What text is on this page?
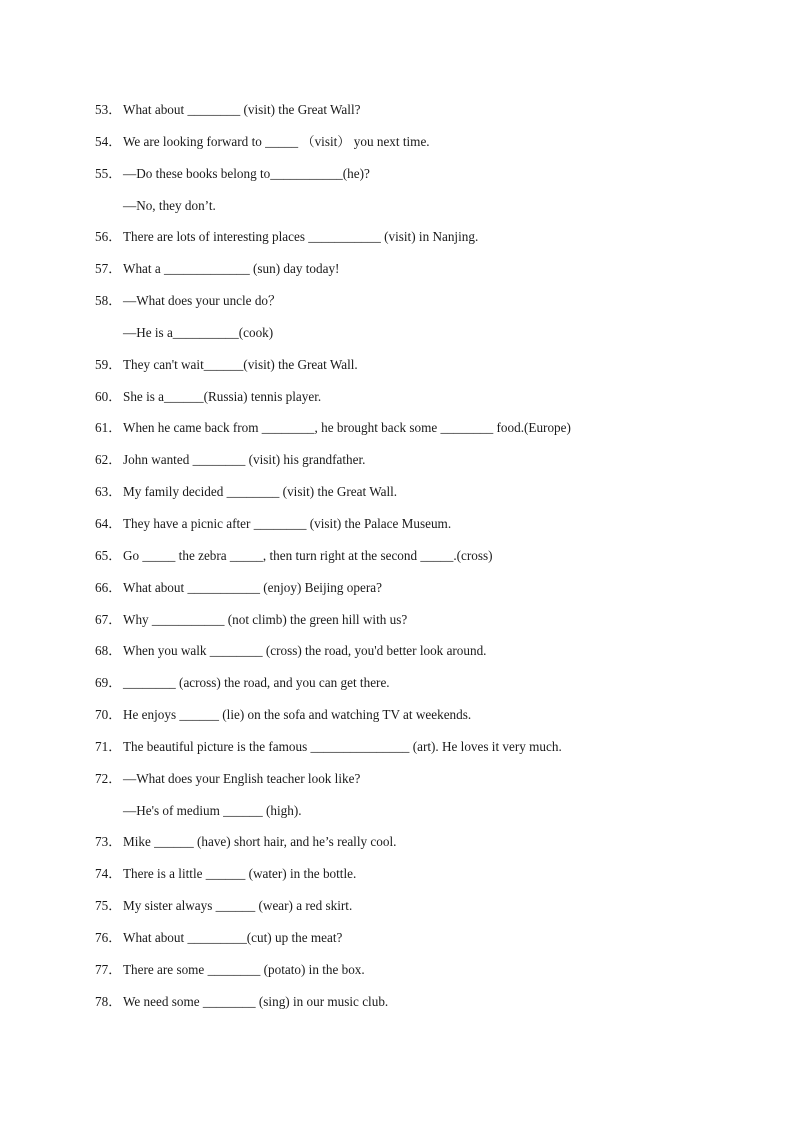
53． What about ________ (visit) the Great Wall?
54． We are looking forward to _____ （visit） you next time.
55． —Do these books belong to___________(he)?
—No, they don’t.
56． There are lots of interesting places ___________ (visit) in Nanjing.
57． What a _____________ (sun) day today!
58． —What does your uncle do？
—He is a__________(cook)
59． They can't wait______(visit) the Great Wall.
60． She is a______(Russia) tennis player.
61． When he came back from ________, he brought back some ________ food.(Europe)
62． John wanted ________ (visit) his grandfather.
63． My family decided ________ (visit) the Great Wall.
64． They have a picnic after ________ (visit) the Palace Museum.
65． Go _____ the zebra _____, then turn right at the second _____.(cross)
66． What about ___________ (enjoy) Beijing opera?
67． Why ___________ (not climb) the green hill with us?
68． When you walk ________ (cross) the road, you'd better look around.
69． ________ (across) the road, and you can get there.
70． He enjoys ______ (lie) on the sofa and watching TV at weekends.
71． The beautiful picture is the famous _______________ (art). He loves it very much.
72． —What does your English teacher look like?
—He's of medium ______ (high).
73． Mike ______ (have) short hair, and he’s really cool.
74． There is a little ______ (water) in the bottle.
75． My sister always ______ (wear) a red skirt.
76． What about _________(cut) up the meat?
77． There are some ________ (potato) in the box.
78． We need some ________ (sing) in our music club.
